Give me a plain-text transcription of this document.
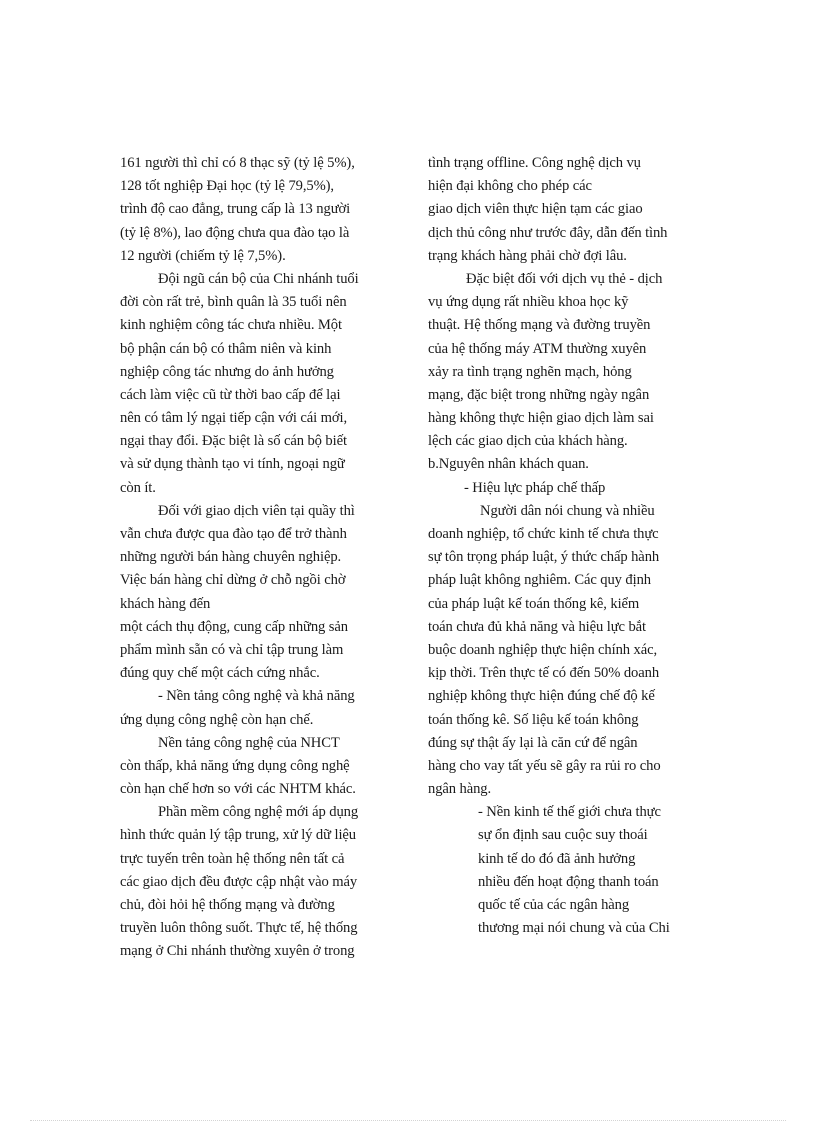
161 người thì chỉ có 8 thạc sỹ (tỷ lệ 5%),
128 tốt nghiệp Đại học (tỷ lệ 79,5%),
trình độ cao đẳng, trung cấp là 13 người
(tỷ lệ 8%), lao động chưa qua đào tạo là
12 người (chiếm tỷ lệ 7,5%).
Đội ngũ cán bộ của Chi nhánh tuổi
đời còn rất trẻ, bình quân là 35 tuổi nên
kinh nghiệm công tác chưa nhiều. Một
bộ phận cán bộ có thâm niên và kinh
nghiệp công tác nhưng do ảnh hưởng
cách làm việc cũ từ thời bao cấp để lại
nên có tâm lý ngại tiếp cận với cái mới,
ngại thay đổi. Đặc biệt là số cán bộ biết
và sử dụng thành tạo vi tính, ngoại ngữ
còn ít.
Đối với giao dịch viên tại quầy thì
vẫn chưa được qua đào tạo để trở thành
những người bán hàng chuyên nghiệp.
Việc bán hàng chỉ dừng ở chỗ ngồi chờ
khách hàng đến
một cách thụ động, cung cấp những sản
phẩm mình sẵn có và chỉ tập trung làm
đúng quy chế một cách cứng nhắc.
- Nền tảng công nghệ và khả năng
ứng dụng công nghệ còn hạn chế.
Nền tảng công nghệ của NHCT
còn thấp, khả năng ứng dụng công nghệ
còn hạn chế hơn so với các NHTM khác.
Phần mềm công nghệ mới áp dụng
hình thức quản lý tập trung, xử lý dữ liệu
trực tuyến trên toàn hệ thống nên tất cả
các giao dịch đều được cập nhật vào máy
chủ, đòi hỏi hệ thống mạng và đường
truyền luôn thông suốt. Thực tế, hệ thống
mạng ở Chi nhánh thường xuyên ở trong
tình trạng offline. Công nghệ dịch vụ
hiện đại không cho phép các
giao dịch viên thực hiện tạm các giao
dịch thủ công như trước đây, dẫn đến tình
trạng khách hàng phải chờ đợi lâu.
Đặc biệt đối với dịch vụ thẻ - dịch
vụ ứng dụng rất nhiều khoa học kỹ
thuật. Hệ thống mạng và đường truyền
của hệ thống máy ATM thường xuyên
xảy ra tình trạng nghẽn mạch, hỏng
mạng, đặc biệt trong những ngày ngân
hàng không thực hiện giao dịch làm sai
lệch các giao dịch của khách hàng.
b.Nguyên nhân khách quan.
- Hiệu lực pháp chế thấp
Người dân nói chung và nhiều
doanh nghiệp, tổ chức kinh tế chưa thực
sự tôn trọng pháp luật, ý thức chấp hành
pháp luật không nghiêm. Các quy định
của pháp luật kế toán thống kê, kiểm
toán chưa đủ khả năng và hiệu lực bắt
buộc doanh nghiệp thực hiện chính xác,
kịp thời. Trên thực tế có đến 50% doanh
nghiệp không thực hiện đúng chế độ kế
toán thống kê. Số liệu kế toán không
đúng sự thật ấy lại là căn cứ để ngân
hàng cho vay tất yếu sẽ gây ra rủi ro cho
ngân hàng.
- Nền kinh tế thế giới chưa thực
sự ổn định sau cuộc suy thoái
kinh tế do đó đã ảnh hưởng
nhiều đến hoạt động thanh toán
quốc tế của các ngân hàng
thương mại nói chung và của Chi
